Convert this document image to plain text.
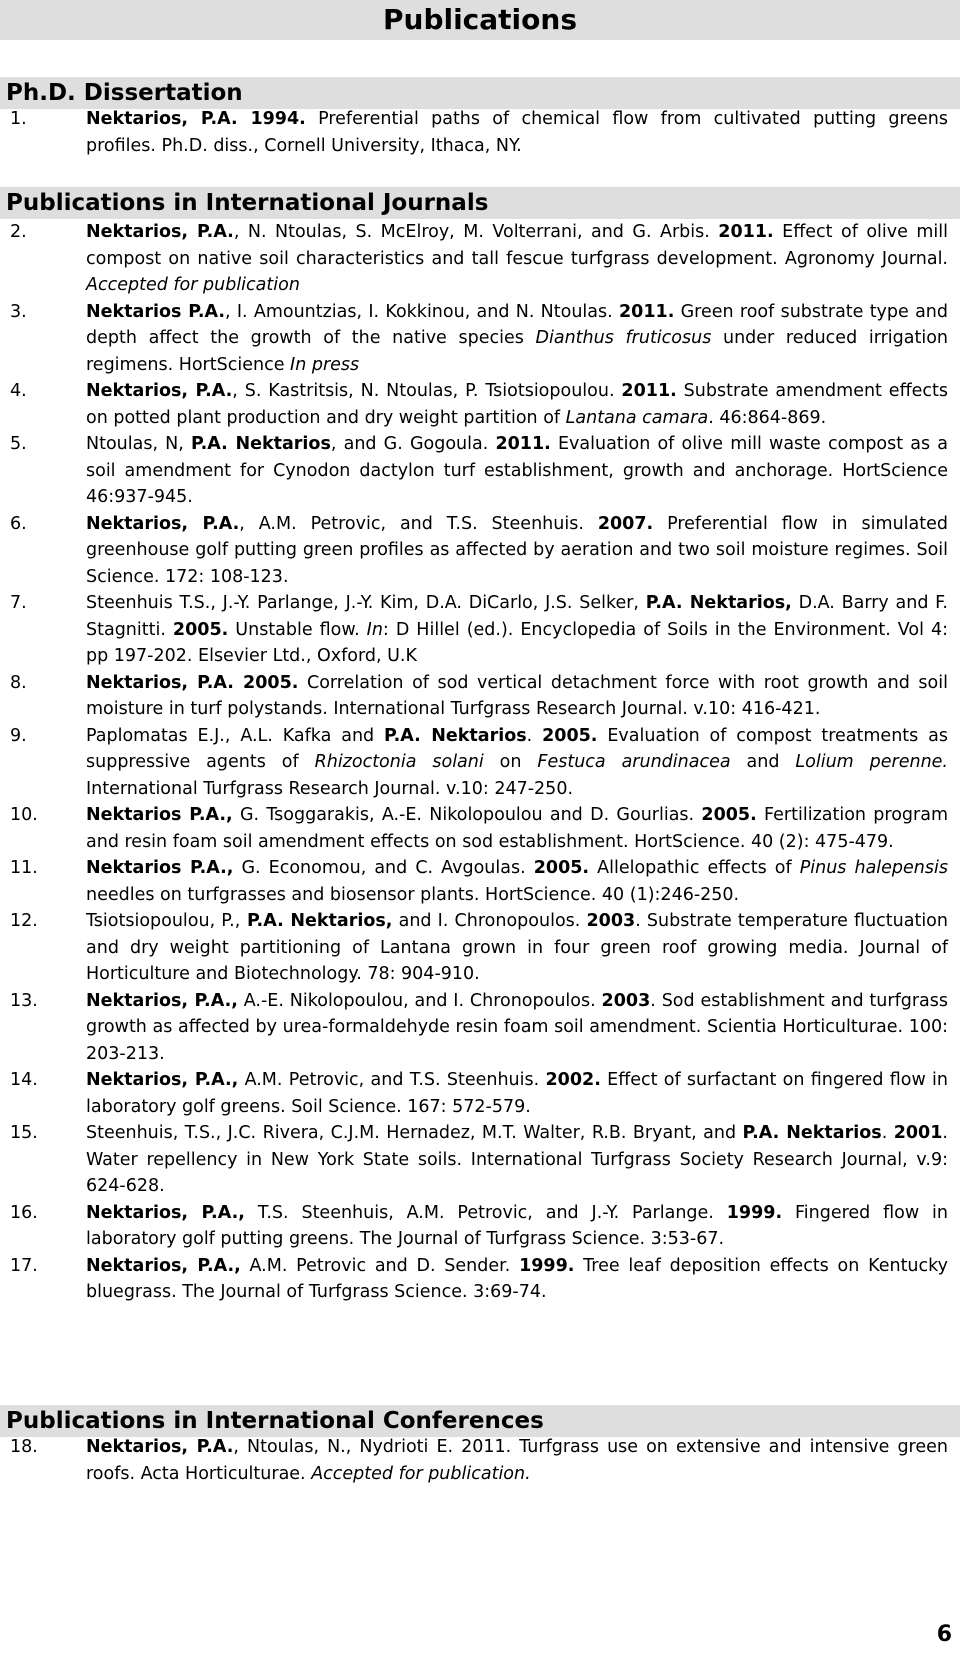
Publications
Ph.D. Dissertation
1.	Nektarios, P.A. 1994. Preferential paths of chemical flow from cultivated putting greens profiles. Ph.D. diss., Cornell University, Ithaca, NY.
Publications in International Journals
2.	Nektarios, P.A., N. Ntoulas, S. McElroy, M. Volterrani, and G. Arbis. 2011. Effect of olive mill compost on native soil characteristics and tall fescue turfgrass development. Agronomy Journal. Accepted for publication
3.	Nektarios P.A., I. Amountzias, I. Kokkinou, and N. Ntoulas. 2011. Green roof substrate type and depth affect the growth of the native species Dianthus fruticosus under reduced irrigation regimens. HortScience In press
4.	Nektarios, P.A., S. Kastritsis, N. Ntoulas, P. Tsiotsiopoulou. 2011. Substrate amendment effects on potted plant production and dry weight partition of Lantana camara. 46:864-869.
5.	Ntoulas, N, P.A. Nektarios, and G. Gogoula. 2011. Evaluation of olive mill waste compost as a soil amendment for Cynodon dactylon turf establishment, growth and anchorage. HortScience 46:937-945.
6.	Nektarios, P.A., A.M. Petrovic, and T.S. Steenhuis. 2007. Preferential flow in simulated greenhouse golf putting green profiles as affected by aeration and two soil moisture regimes. Soil Science. 172: 108-123.
7.	Steenhuis T.S., J.-Y. Parlange, J.-Y. Kim, D.A. DiCarlo, J.S. Selker, P.A. Nektarios, D.A. Barry and F. Stagnitti. 2005. Unstable flow. In: D Hillel (ed.). Encyclopedia of Soils in the Environment. Vol 4: pp 197-202. Elsevier Ltd., Oxford, U.K
8.	Nektarios, P.A. 2005. Correlation of sod vertical detachment force with root growth and soil moisture in turf polystands. International Turfgrass Research Journal. v.10: 416-421.
9.	Paplomatas E.J., A.L. Kafka and P.A. Nektarios. 2005. Evaluation of compost treatments as suppressive agents of Rhizoctonia solani on Festuca arundinacea and Lolium perenne. International Turfgrass Research Journal. v.10: 247-250.
10.	Nektarios P.A., G. Tsoggarakis, A.-E. Nikolopoulou and D. Gourlias. 2005. Fertilization program and resin foam soil amendment effects on sod establishment. HortScience. 40 (2): 475-479.
11.	Nektarios P.A., G. Economou, and C. Avgoulas. 2005. Allelopathic effects of Pinus halepensis needles on turfgrasses and biosensor plants. HortScience. 40 (1):246-250.
12.	Tsiotsiopoulou, P., P.A. Nektarios, and I. Chronopoulos. 2003. Substrate temperature fluctuation and dry weight partitioning of Lantana grown in four green roof growing media. Journal of Horticulture and Biotechnology. 78: 904-910.
13.	Nektarios, P.A., A.-E. Nikolopoulou, and I. Chronopoulos. 2003. Sod establishment and turfgrass growth as affected by urea-formaldehyde resin foam soil amendment. Scientia Horticulturae. 100: 203-213.
14.	Nektarios, P.A., A.M. Petrovic, and T.S. Steenhuis. 2002. Effect of surfactant on fingered flow in laboratory golf greens. Soil Science. 167: 572-579.
15.	Steenhuis, T.S., J.C. Rivera, C.J.M. Hernadez, M.T. Walter, R.B. Bryant, and P.A. Nektarios. 2001. Water repellency in New York State soils. International Turfgrass Society Research Journal, v.9: 624-628.
16.	Nektarios, P.A., T.S. Steenhuis, A.M. Petrovic, and J.-Y. Parlange. 1999. Fingered flow in laboratory golf putting greens. The Journal of Turfgrass Science. 3:53-67.
17.	Nektarios, P.A., A.M. Petrovic and D. Sender. 1999. Tree leaf deposition effects on Kentucky bluegrass. The Journal of Turfgrass Science. 3:69-74.
Publications in International Conferences
18.	Nektarios, P.A., Ntoulas, N., Nydrioti E. 2011. Turfgrass use on extensive and intensive green roofs. Acta Horticulturae. Accepted for publication.
6
